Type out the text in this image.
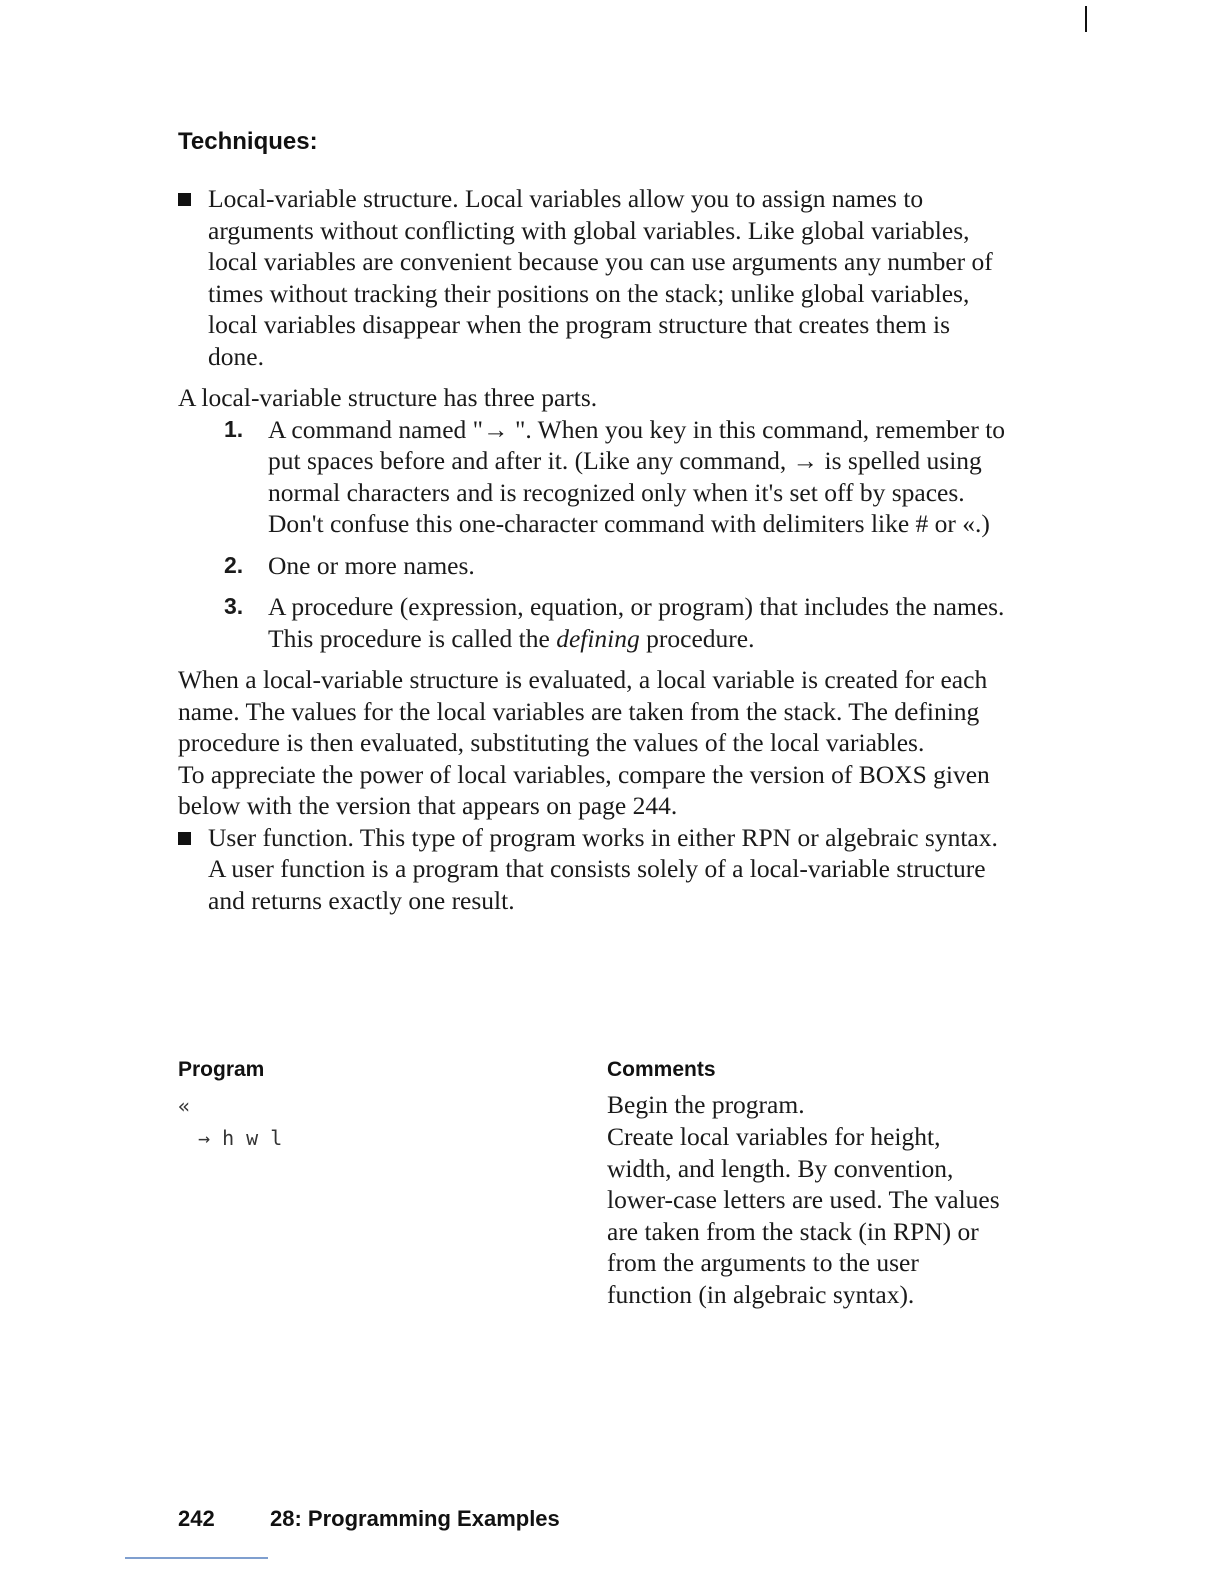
Techniques:

Local-variable structure. Local variables allow you to assign names to arguments without conflicting with global variables. Like global variables, local variables are convenient because you can use arguments any number of times without tracking their positions on the stack; unlike global variables, local variables disappear when the program structure that creates them is done.

A local-variable structure has three parts.

1. A command named "→ ". When you key in this command, remember to put spaces before and after it. (Like any command, → is spelled using normal characters and is recognized only when it's set off by spaces. Don't confuse this one-character command with delimiters like # or «.)
2. One or more names.
3. A procedure (expression, equation, or program) that includes the names. This procedure is called the defining procedure.

When a local-variable structure is evaluated, a local variable is created for each name. The values for the local variables are taken from the stack. The defining procedure is then evaluated, substituting the values of the local variables.

To appreciate the power of local variables, compare the version of BOXS given below with the version that appears on page 244.

User function. This type of program works in either RPN or algebraic syntax. A user function is a program that consists solely of a local-variable structure and returns exactly one result.

Program	Comments
«	Begin the program.
→ h w l	Create local variables for height, width, and length. By convention, lower-case letters are used. The values are taken from the stack (in RPN) or from the arguments to the user function (in algebraic syntax).
242	28: Programming Examples
